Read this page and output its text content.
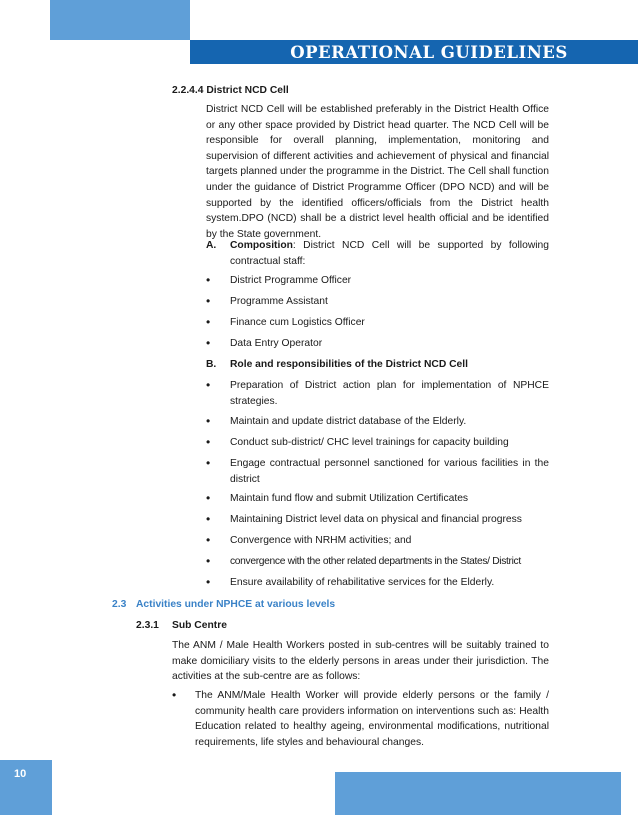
OPERATIONAL GUIDELINES
2.2.4.4 District NCD Cell
District NCD Cell will be established preferably in the District Health Office or any other space provided by District head quarter. The NCD Cell will be responsible for overall planning, implementation, monitoring and supervision of different activities and achievement of physical and financial targets planned under the programme in the District. The Cell shall function under the guidance of District Programme Officer (DPO NCD) and will be supported by the identified officers/officials from the District health system.DPO (NCD) shall be a district level health official and be identified by the State government.
A. Composition: District NCD Cell will be supported by following contractual staff:
• District Programme Officer
• Programme Assistant
• Finance cum Logistics Officer
• Data Entry Operator
B. Role and responsibilities of the District NCD Cell
• Preparation of District action plan for implementation of NPHCE strategies.
• Maintain and update district database of the Elderly.
• Conduct sub-district/ CHC level trainings for capacity building
• Engage contractual personnel sanctioned for various facilities in the district
• Maintain fund flow and submit Utilization Certificates
• Maintaining District level data on physical and financial progress
• Convergence with NRHM activities; and
• convergence with the other related departments in the States/ District
• Ensure availability of rehabilitative services for the Elderly.
2.3 Activities under NPHCE at various levels
2.3.1 Sub Centre
The ANM / Male Health Workers posted in sub-centres will be suitably trained to make domiciliary visits to the elderly persons in areas under their jurisdiction. The activities at the sub-centre are as follows:
• The ANM/Male Health Worker will provide elderly persons or the family / community health care providers information on interventions such as: Health Education related to healthy ageing, environmental modifications, nutritional requirements, life styles and behavioural changes.
10
